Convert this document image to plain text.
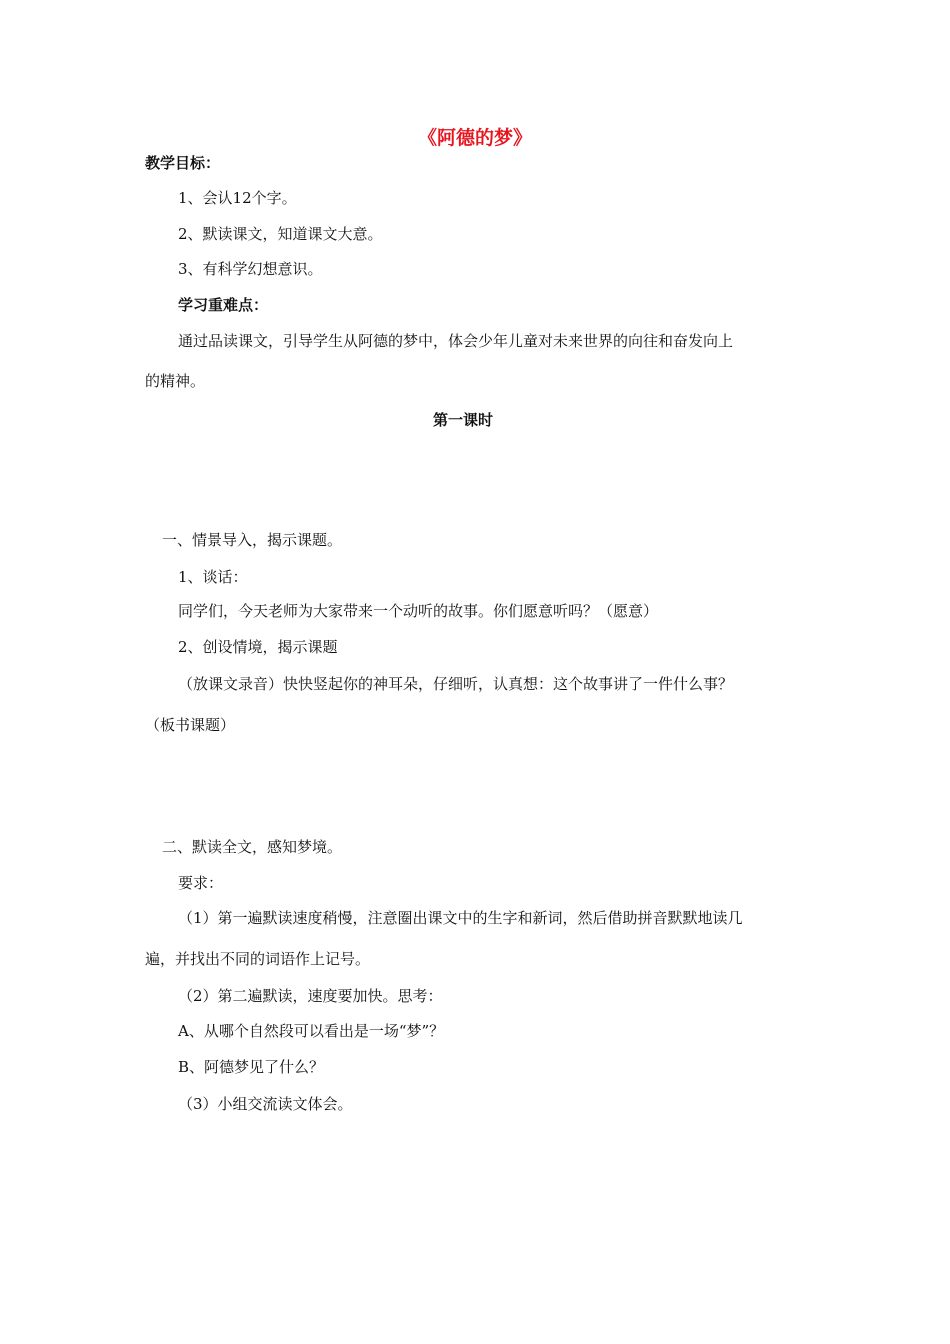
《阿德的梦》
教学目标：
1、会认12个字。
2、默读课文，知道课文大意。
3、有科学幻想意识。
学习重难点：
通过品读课文，引导学生从阿德的梦中，体会少年儿童对未来世界的向往和奋发向上
的精神。
第一课时
一、情景导入，揭示课题。
1、谈话：
同学们，今天老师为大家带来一个动听的故事。你们愿意听吗？（愿意）
2、创设情境，揭示课题
（放课文录音）快快竖起你的神耳朵，仔细听，认真想：这个故事讲了一件什么事？
（板书课题）
二、默读全文，感知梦境。
要求：
（1）第一遍默读速度稍慢，注意圈出课文中的生字和新词，然后借助拼音默默地读几
遍，并找出不同的词语作上记号。
（2）第二遍默读，速度要加快。思考：
A、从哪个自然段可以看出是一场“梦”？
B、阿德梦见了什么？
（3）小组交流读文体会。
